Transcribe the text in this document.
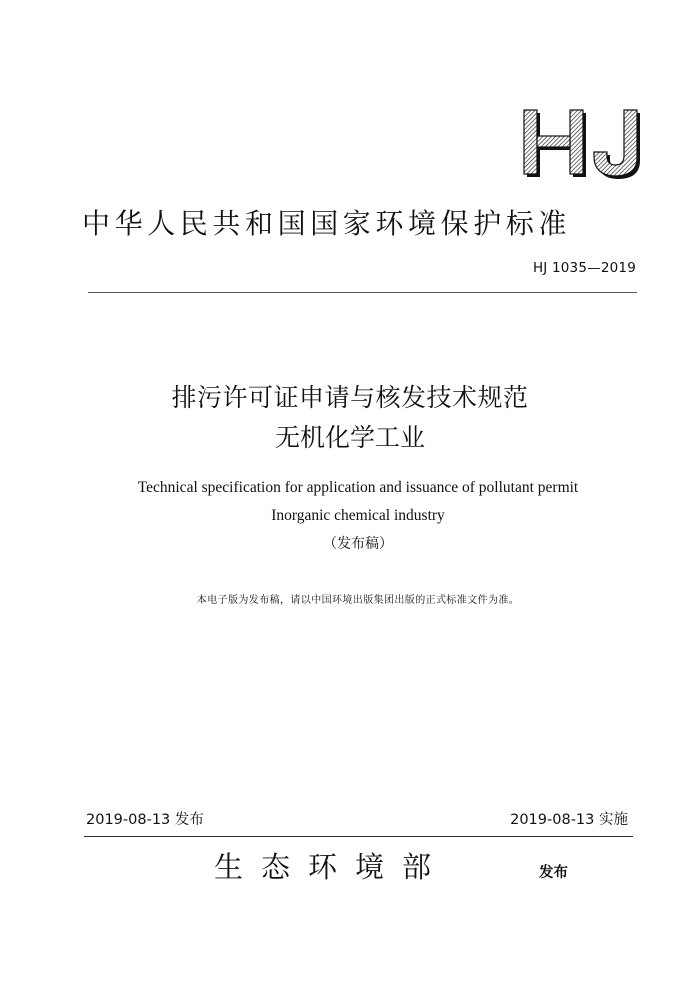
中华人民共和国国家环境保护标准
HJ 1035—2019
排污许可证申请与核发技术规范
无机化学工业
Technical specification for application and issuance of pollutant permit
Inorganic chemical industry
（发布稿）
本电子版为发布稿，请以中国环境出版集团出版的正式标准文件为准。
2019-08-13 发布	2019-08-13 实施
生态环境部	发布
